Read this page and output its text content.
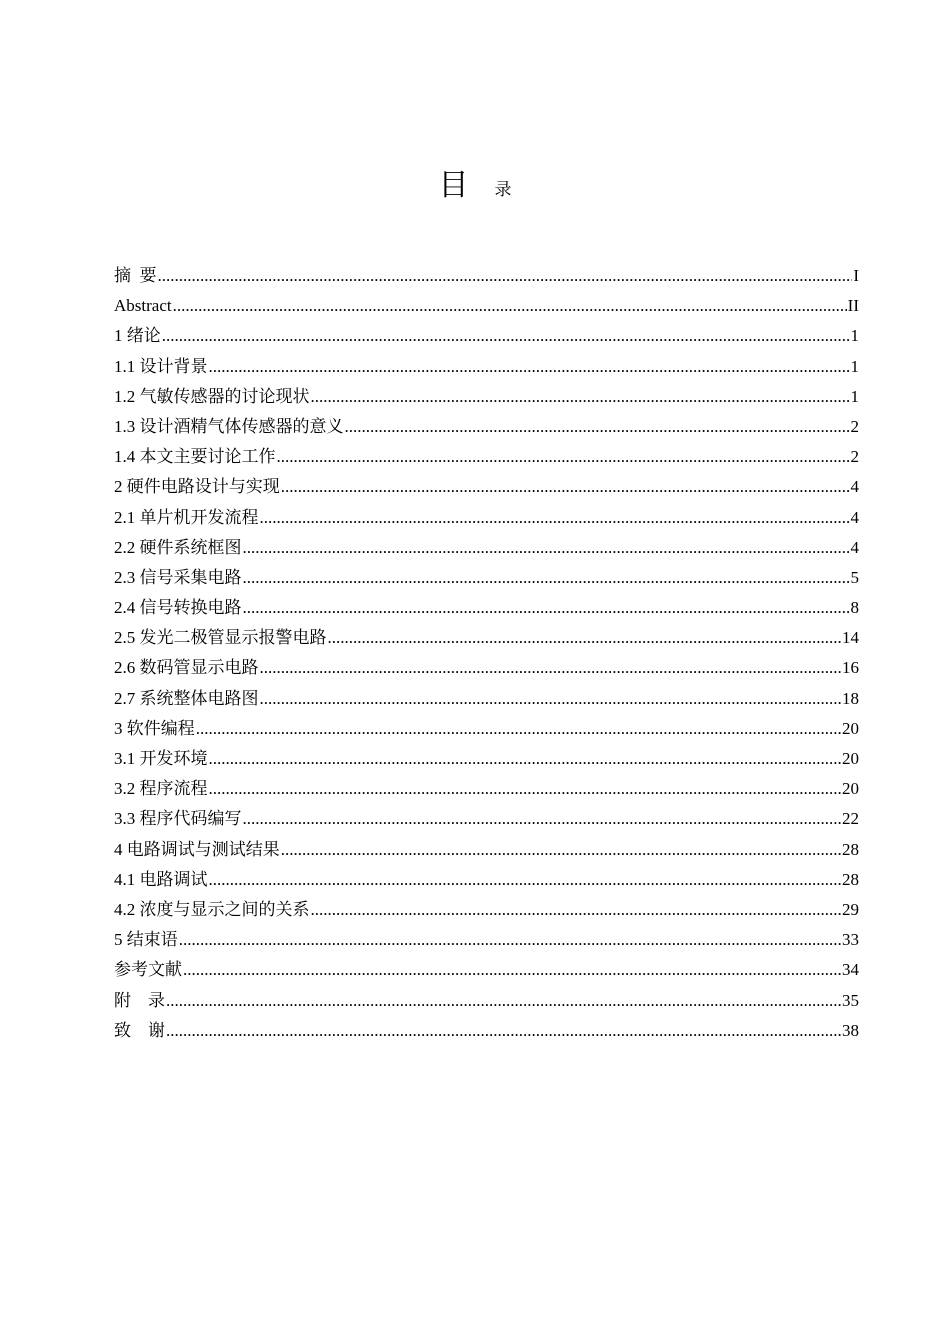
目 录
摘  要 .....	I
Abstract .....	II
1 绪论 .....	1
1.1 设计背景 .....	1
1.2 气敏传感器的讨论现状 .....	1
1.3 设计酒精气体传感器的意义 .....	2
1.4 本文主要讨论工作 .....	2
2 硬件电路设计与实现 .....	4
2.1 单片机开发流程 .....	4
2.2 硬件系统框图 .....	4
2.3 信号采集电路 .....	5
2.4 信号转换电路 .....	8
2.5 发光二极管显示报警电路 .....	14
2.6 数码管显示电路 .....	16
2.7 系统整体电路图 .....	18
3 软件编程 .....	20
3.1 开发环境 .....	20
3.2 程序流程 .....	20
3.3 程序代码编写 .....	22
4 电路调试与测试结果 .....	28
4.1 电路调试 .....	28
4.2 浓度与显示之间的关系 .....	29
5 结束语 .....	33
参考文献 .....	34
附    录 .....	35
致    谢 .....	38
